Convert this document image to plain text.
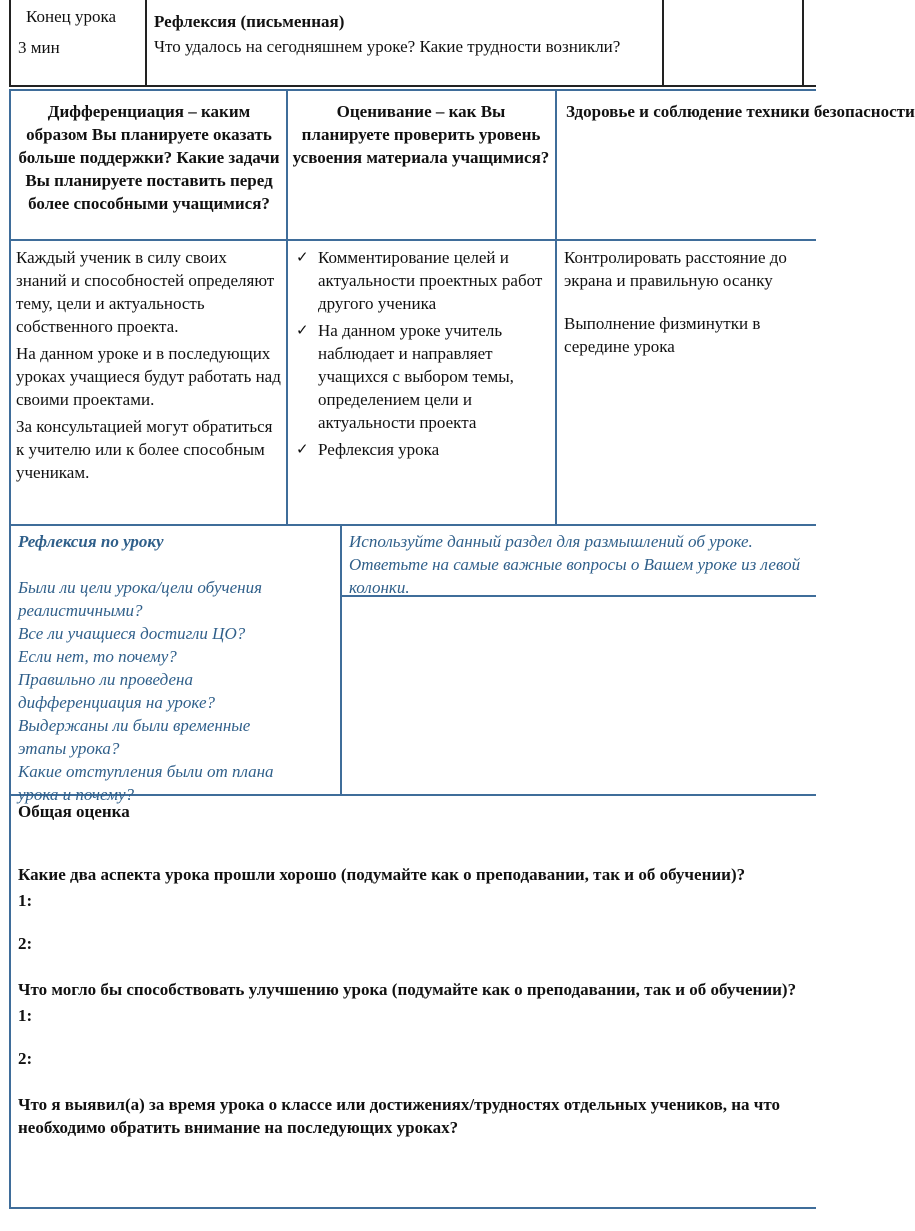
Конец урока
3 мин
Рефлексия (письменная)
Что удалось на сегодняшнем уроке? Какие трудности возникли?
Дифференциация – каким образом Вы планируете оказать больше поддержки? Какие задачи Вы планируете поставить перед более способными учащимися?
Оценивание – как Вы планируете проверить уровень усвоения материала учащимися?
Здоровье и соблюдение техники безопасности

Каждый ученик в силу своих знаний и способностей определяют тему, цели и актуальность собственного проекта.

На данном уроке и в последующих уроках учащиеся будут работать над своими проектами.

За консультацией могут обратиться к учителю или к более способным ученикам.

✓ Комментирование целей и актуальности проектных работ другого ученика
✓ На данном уроке учитель наблюдает и направляет учащихся с выбором темы, определением цели и актуальности проекта
✓ Рефлексия урока

Контролировать расстояние до экрана и правильную осанку

Выполнение физминутки в середине урока

Рефлексия по уроку

Были ли цели урока/цели обучения реалистичными?

Все ли учащиеся достигли ЦО?

Если нет, то почему?

Правильно ли проведена дифференциация на уроке?

Выдержаны ли были временные этапы урока?

Какие отступления были от плана урока и почему?

Используйте данный раздел для размышлений об уроке. Ответьте на самые важные вопросы о Вашем уроке из левой колонки.

Общая оценка

Какие два аспекта урока прошли хорошо (подумайте как о преподавании, так и об обучении)?

1:

2:

Что могло бы способствовать улучшению урока (подумайте как о преподавании, так и об обучении)?

1:

2:

Что я выявил(а) за время урока о классе или достижениях/трудностях отдельных учеников, на что необходимо обратить внимание на последующих уроках?
